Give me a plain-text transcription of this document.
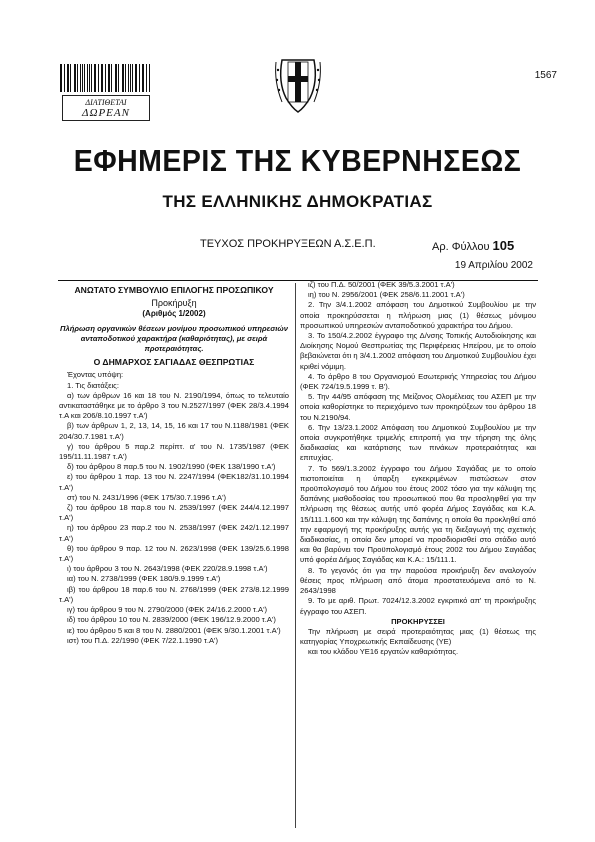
ΔΙΑΤΙΘΕΤΑΙ
ΔΩΡΕΑΝ
1567
ΕΦΗΜΕΡΙΣ ΤΗΣ ΚΥΒΕΡΝΗΣΕΩΣ
ΤΗΣ ΕΛΛΗΝΙΚΗΣ ΔΗΜΟΚΡΑΤΙΑΣ
ΤΕΥΧΟΣ ΠΡΟΚΗΡΥΞΕΩΝ Α.Σ.Ε.Π.	Αρ. Φύλλου 105
19 Απριλίου 2002

ΑΝΩΤΑΤΟ ΣΥΜΒΟΥΛΙΟ ΕΠΙΛΟΓΗΣ ΠΡΟΣΩΠΙΚΟΥ

Προκήρυξη

(Αριθμός 1/2002)

Πλήρωση οργανικών θέσεων μονίμου προσωπικού υπηρεσιών ανταποδοτικού χαρακτήρα (καθαριότητας), με σειρά προτεραιότητας.

Ο ΔΗΜΑΡΧΟΣ ΣΑΓΙΑΔΑΣ ΘΕΣΠΡΩΤΙΑΣ

Έχοντας υπόψη:

1. Τις διατάξεις:

α) των άρθρων 16 και 18 του Ν. 2190/1994, όπως το τελευταίο αντικαταστάθηκε με το άρθρο 3 του Ν.2527/1997 (ΦΕΚ 28/3.4.1994 τ.Α και 206/8.10.1997 τ.Α')

β) των άρθρων 1, 2, 13, 14, 15, 16 και 17 του Ν.1188/1981 (ΦΕΚ 204/30.7.1981 τ.Α')

γ) του άρθρου 5 παρ.2 περίπτ. α' του Ν. 1735/1987 (ΦΕΚ 195/11.11.1987 τ.Α')

δ) του άρθρου 8 παρ.5 του Ν. 1902/1990 (ΦΕΚ 138/1990 τ.Α')

ε) του άρθρου 1 παρ. 13 του Ν. 2247/1994 (ΦΕΚ182/31.10.1994 τ.Α')

στ) του Ν. 2431/1996 (ΦΕΚ 175/30.7.1996 τ.Α')

ζ) του άρθρου 18 παρ.8 του Ν. 2539/1997 (ΦΕΚ 244/4.12.1997 τ.Α')

η) του άρθρου 23 παρ.2 του Ν. 2538/1997 (ΦΕΚ 242/1.12.1997 τ.Α')

θ) του άρθρου 9 παρ. 12 του Ν. 2623/1998 (ΦΕΚ 139/25.6.1998 τ.Α')

ι) του άρθρου 3 του Ν. 2643/1998 (ΦΕΚ 220/28.9.1998 τ.Α')

ια) του Ν. 2738/1999 (ΦΕΚ 180/9.9.1999 τ.Α')

ιβ) του άρθρου 18 παρ.6 του Ν. 2768/1999 (ΦΕΚ 273/8.12.1999 τ.Α')

ιγ) του άρθρου 9 του Ν. 2790/2000 (ΦΕΚ 24/16.2.2000 τ.Α')

ιδ) του άρθρου 10 του Ν. 2839/2000 (ΦΕΚ 196/12.9.2000 τ.Α')

ιε) του άρθρου 5 και 8 του Ν. 2880/2001 (ΦΕΚ 9/30.1.2001 τ.Α')

ιστ) του Π.Δ. 22/1990 (ΦΕΚ 7/22.1.1990 τ.Α')

ιζ) του Π.Δ. 50/2001 (ΦΕΚ 39/5.3.2001 τ.Α')

ιη) του Ν. 2956/2001 (ΦΕΚ 258/6.11.2001 τ.Α')

2. Την 3/4.1.2002 απόφαση του Δημοτικού Συμβουλίου με την οποία προκηρύσσεται η πλήρωση μιας (1) θέσεως μόνιμου προσωπικού υπηρεσιών ανταποδοτικού χαρακτήρα του Δήμου.

3. Το 150/4.2.2002 έγγραφο της Δ/νσης Τοπικής Αυτοδιοίκησης και Διοίκησης Νομού Θεσπρωτίας της Περιφέρειας Ηπείρου, με το οποίο βεβαιώνεται ότι η 3/4.1.2002 απόφαση του Δημοτικού Συμβουλίου έχει κριθεί νόμιμη.

4. Το άρθρο 8 του Οργανισμού Εσωτερικής Υπηρεσίας του Δήμου (ΦΕΚ 724/19.5.1999 τ. Β').

5. Την 44/95 απόφαση της Μείζονος Ολομέλειας του ΑΣΕΠ με την οποία καθορίστηκε το περιεχόμενο των προκηρύξεων του άρθρου 18 του Ν.2190/94.

6. Την 13/23.1.2002 Απόφαση του Δημοτικού Συμβουλίου με την οποία συγκροτήθηκε τριμελής επιτροπή για την τήρηση της όλης διαδικασίας και κατάρτισης των πινάκων προτεραιότητας και επιτυχίας.

7. Το 569/1.3.2002 έγγραφο του Δήμου Σαγιάδας με το οποίο πιστοποιείται η ύπαρξη εγκεκριμένων πιστώσεων στον προϋπολογισμό του Δήμου του έτους 2002 τόσο για την κάλυψη της δαπάνης μισθοδοσίας του προσωπικού που θα προσληφθεί για την πλήρωση της θέσεως αυτής υπό φορέα Δήμος Σαγιάδας και Κ.Α. 15/111.1.600 και την κάλυψη της δαπάνης η οποία θα προκληθεί από την εφαρμογή της προκήρυξης αυτής για τη διεξαγωγή της σχετικής διαδικασίας, η οποία δεν μπορεί να προσδιορισθεί στο στάδιο αυτό και θα βαρύνει τον Προϋπολογισμό έτους 2002 του Δήμου Σαγιάδας υπό φορέα Δήμος Σαγιάδας και Κ.Α.: 15/111.1.

8. Το γεγονός ότι για την παρούσα προκήρυξη δεν αναλογούν θέσεις προς πλήρωση από άτομα προστατευόμενα από το Ν. 2643/1998

9. Το με αριθ. Πρωτ. 7024/12.3.2002 εγκριτικό απ' τη προκήρυξης έγγραφο του ΑΣΕΠ.

ΠΡΟΚΗΡΥΣΣΕΙ

Την πλήρωση με σειρά προτεραιότητας μιας (1) θέσεως της κατηγορίας Υποχρεωτικής Εκπαίδευσης (ΥΕ)

και του κλάδου ΥΕ16 εργατών καθαριότητας.
